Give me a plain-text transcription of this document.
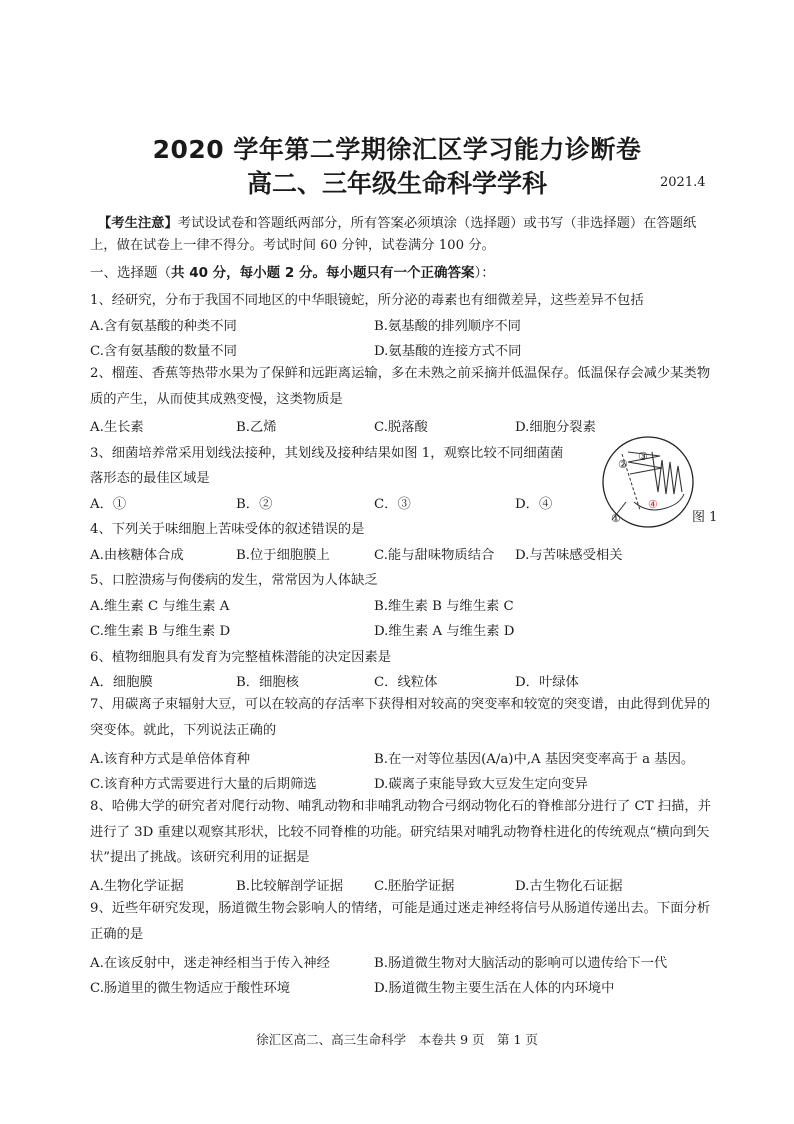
2020 学年第二学期徐汇区学习能力诊断卷
高二、三年级生命科学学科	2021.4
【考生注意】考试设试卷和答题纸两部分，所有答案必须填涂（选择题）或书写（非选择题）在答题纸上，做在试卷上一律不得分。考试时间 60 分钟，试卷满分 100 分。
一、选择题（共 40 分，每小题 2 分。每小题只有一个正确答案）：
1、经研究，分布于我国不同地区的中华眼镜蛇，所分泌的毒素也有细微差异，这些差异不包括
A.含有氨基酸的种类不同	B.氨基酸的排列顺序不同
C.含有氨基酸的数量不同	D.氨基酸的连接方式不同
2、榴莲、香蕉等热带水果为了保鲜和远距离运输，多在未熟之前采摘并低温保存。低温保存会减少某类物质的产生，从而使其成熟变慢，这类物质是
A.生长素	B.乙烯	C.脱落酸	D.细胞分裂素
3、细菌培养常采用划线法接种，其划线及接种结果如图 1，观察比较不同细菌菌
落形态的最佳区域是
A．①	B．②	C．③	D．④
①
②
③
④
图 1
4、下列关于味细胞上苦味受体的叙述错误的是
A.由核糖体合成	B.位于细胞膜上	C.能与甜味物质结合 D.与苦味感受相关
5、口腔溃疡与佝偻病的发生，常常因为人体缺乏
A.维生素 C 与维生素 A	B.维生素 B 与维生素 C
C.维生素 B 与维生素 D	D.维生素 A 与维生素 D
6、植物细胞具有发育为完整植株潜能的决定因素是
A．细胞膜	B．细胞核	C．线粒体	D．叶绿体
7、用碳离子束辐射大豆，可以在较高的存活率下获得相对较高的突变率和较宽的突变谱，由此得到优异的突变体。就此，下列说法正确的
A.该育种方式是单倍体育种	B.在一对等位基因(A/a)中,A 基因突变率高于 a 基因。
C.该育种方式需要进行大量的后期筛选	D.碳离子束能导致大豆发生定向变异
8、哈佛大学的研究者对爬行动物、哺乳动物和非哺乳动物合弓纲动物化石的脊椎部分进行了 CT 扫描，并进行了 3D 重建以观察其形状，比较不同脊椎的功能。研究结果对哺乳动物脊柱进化的传统观点“横向到矢状”提出了挑战。该研究利用的证据是
A.生物化学证据	B.比较解剖学证据 C.胚胎学证据	D.古生物化石证据
9、近些年研究发现，肠道微生物会影响人的情绪，可能是通过迷走神经将信号从肠道传递出去。下面分析正确的是
A.在该反射中，迷走神经相当于传入神经	B.肠道微生物对大脑活动的影响可以遗传给下一代
C.肠道里的微生物适应于酸性环境	D.肠道微生物主要生活在人体的内环境中
徐汇区高二、高三生命科学　本卷共 9 页　第 1 页
